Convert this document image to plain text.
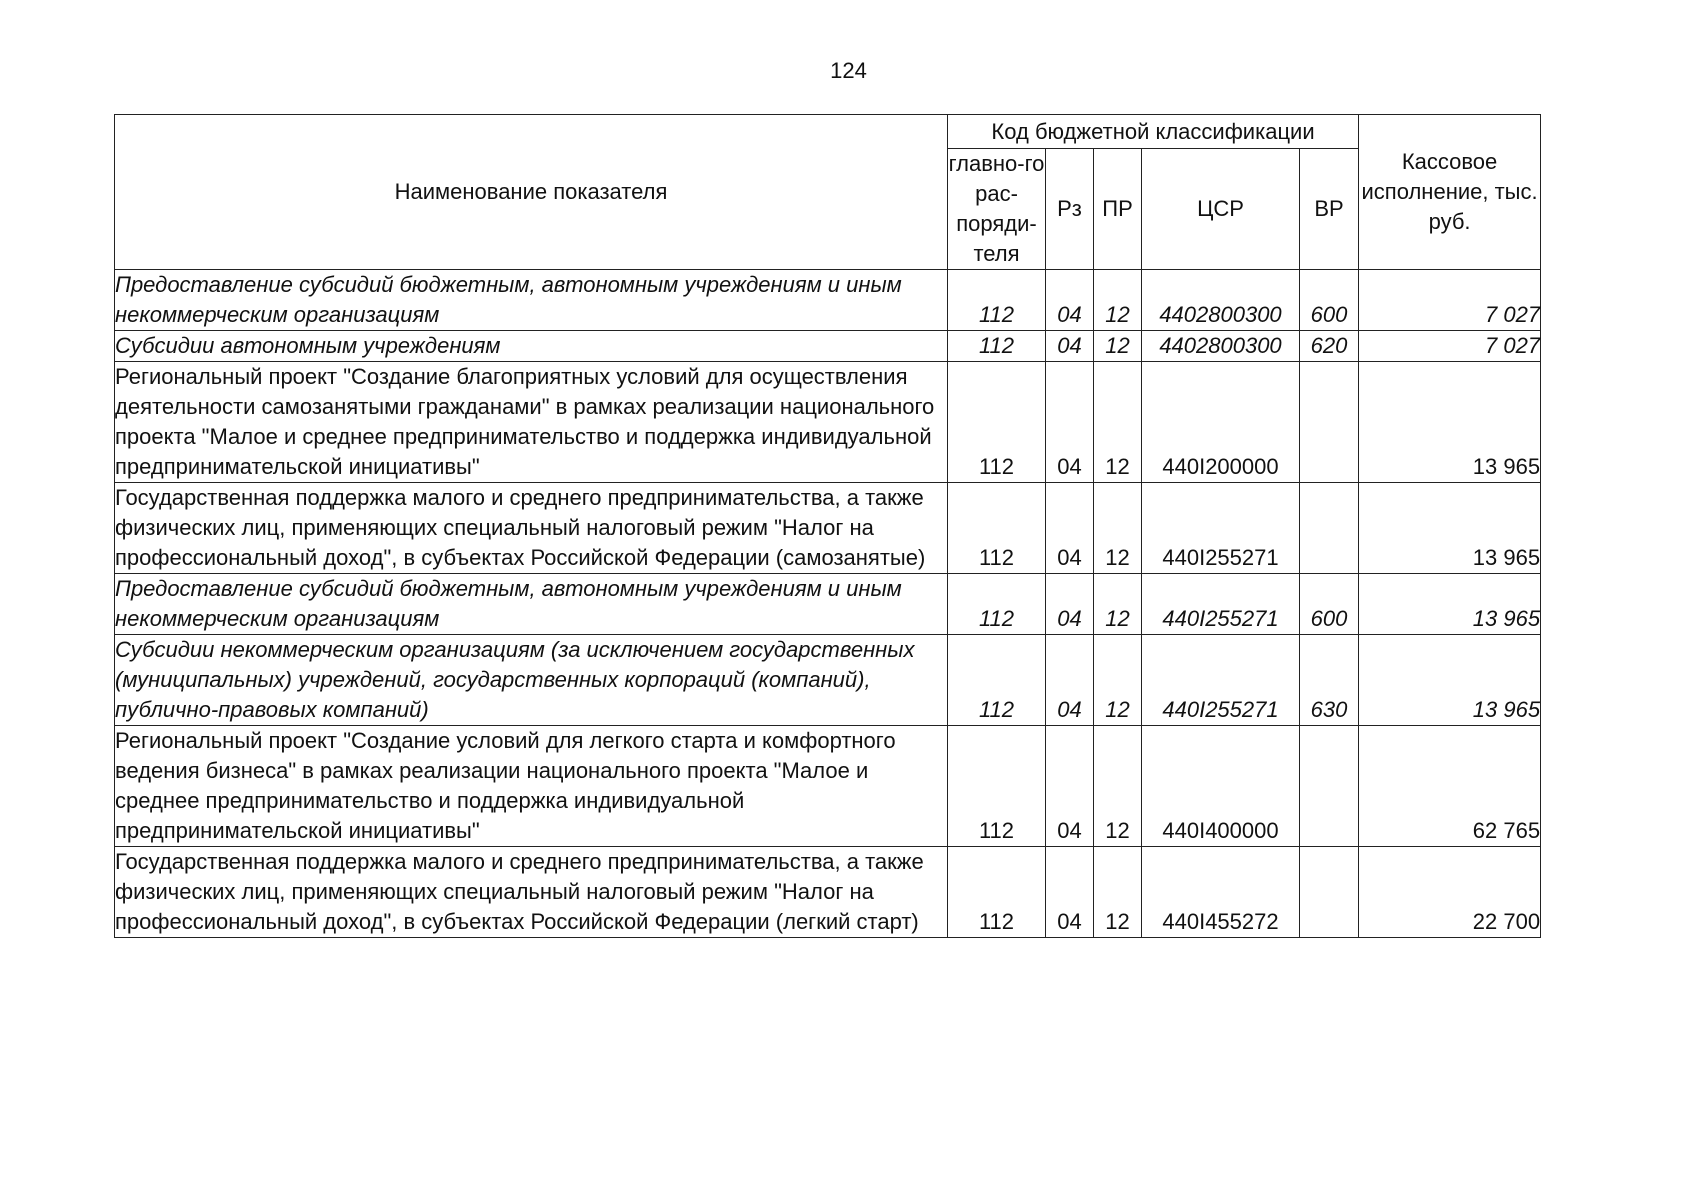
124
Наименование показателя	Код бюджетной классификации					Кассовое исполнение, тыс. руб.
	главно-го рас-поряди-теля	Рз	ПР	ЦСР	ВР	
Предоставление субсидий бюджетным, автономным учреждениям и иным некоммерческим организациям	112	04	12	4402800300	600	7 027
Субсидии автономным учреждениям	112	04	12	4402800300	620	7 027
Региональный проект "Создание благоприятных условий для осуществления деятельности самозанятыми гражданами" в рамках реализации национального проекта "Малое и среднее предпринимательство и поддержка индивидуальной предпринимательской инициативы"	112	04	12	440I200000		13 965
Государственная поддержка малого и среднего предпринимательства, а также физических лиц, применяющих специальный налоговый режим "Налог на профессиональный доход", в субъектах Российской Федерации (самозанятые)	112	04	12	440I255271		13 965
Предоставление субсидий бюджетным, автономным учреждениям и иным некоммерческим организациям	112	04	12	440I255271	600	13 965
Субсидии некоммерческим организациям (за исключением государственных (муниципальных) учреждений, государственных корпораций (компаний), публично-правовых компаний)	112	04	12	440I255271	630	13 965
Региональный проект "Создание условий для легкого старта и комфортного ведения бизнеса" в рамках реализации национального проекта "Малое и среднее предпринимательство и поддержка индивидуальной предпринимательской инициативы"	112	04	12	440I400000		62 765
Государственная поддержка малого и среднего предпринимательства, а также физических лиц, применяющих специальный налоговый режим "Налог на профессиональный доход", в субъектах Российской Федерации (легкий старт)	112	04	12	440I455272		22 700
